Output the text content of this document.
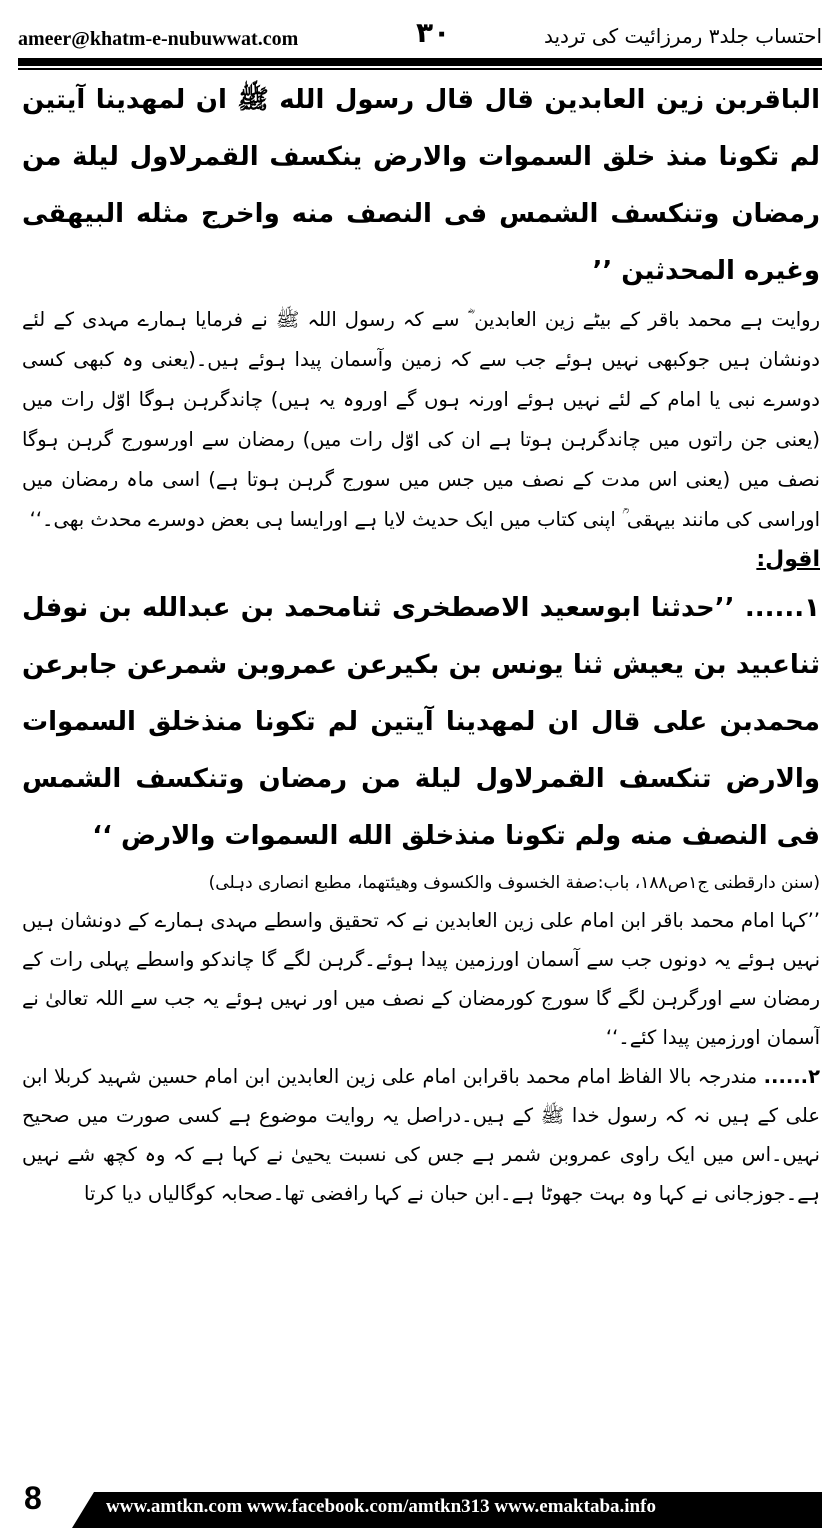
ameer@khatm-e-nubuwwat.com	۳۰	احتساب جلد۳ رمرزائیت کی تردید

الباقربن زین العابدین قال قال رسول الله ﷺ ان لمهدینا آیتین لم تکونا منذ خلق السموات والارض ینکسف القمرلاول لیلة من رمضان وتنکسف الشمس فی النصف منه واخرج مثله البیهقی وغیره المحدثین ’’

روایت ہے محمد باقر کے بیٹے زین العابدین ؓ سے کہ رسول اللہ ﷺ نے فرمایا ہمارے مہدی کے لئے دونشان ہیں جوکبھی نہیں ہوئے جب سے کہ زمین وآسمان پیدا ہوئے ہیں۔(یعنی وہ کبھی کسی دوسرے نبی یا امام کے لئے نہیں ہوئے اورنہ ہوں گے اوروہ یہ ہیں) چاندگرہن ہوگا اوّل رات میں (یعنی جن راتوں میں چاندگرہن ہوتا ہے ان کی اوّل رات میں) رمضان سے اورسورج گرہن ہوگا نصف میں (یعنی اس مدت کے نصف میں جس میں سورج گرہن ہوتا ہے) اسی ماہ رمضان میں اوراسی کی مانند بیہقی ؒ اپنی کتاب میں ایک حدیث لایا ہے اورایسا ہی بعض دوسرے محدث بھی۔‘‘

اقول:

۱...... ’’حدثنا ابوسعید الاصطخری ثنامحمد بن عبدالله بن نوفل ثناعبید بن یعیش ثنا یونس بن بکیرعن عمروبن شمرعن جابرعن محمدبن علی قال ان لمهدینا آیتین لم تکونا منذخلق السموات والارض تنکسف القمرلاول لیلة من رمضان وتنکسف الشمس فی النصف منه ولم تکونا منذخلق الله السموات والارض ‘‘

(سنن دارقطنی ج۱ص۱۸۸، باب:صفة الخسوف والکسوف وهیئتهما، مطبع انصاری دہلی)

’’کہا امام محمد باقر ابن امام علی زین العابدین نے کہ تحقیق واسطے مہدی ہمارے کے دونشان ہیں نہیں ہوئے یہ دونوں جب سے آسمان اورزمین پیدا ہوئے۔گرہن لگے گا چاندکو واسطے پہلی رات کے رمضان سے اورگرہن لگے گا سورج کورمضان کے نصف میں اور نہیں ہوئے یہ جب سے اللہ تعالیٰ نے آسمان اورزمین پیدا کئے۔‘‘

۲...... مندرجہ بالا الفاظ امام محمد باقرابن امام علی زین العابدین ابن امام حسین شہید کربلا ابن علی کے ہیں نہ کہ رسول خدا ﷺ کے ہیں۔دراصل یہ روایت موضوع ہے کسی صورت میں صحیح نہیں۔اس میں ایک راوی عمروبن شمر ہے جس کی نسبت یحییٰ نے کہا ہے کہ وہ کچھ شے نہیں ہے۔جوزجانی نے کہا وہ بہت جھوٹا ہے۔ابن حبان نے کہا رافضی تھا۔صحابہ کوگالیاں دیا کرتا

8	www.amtkn.com www.facebook.com/amtkn313 www.emaktaba.info
